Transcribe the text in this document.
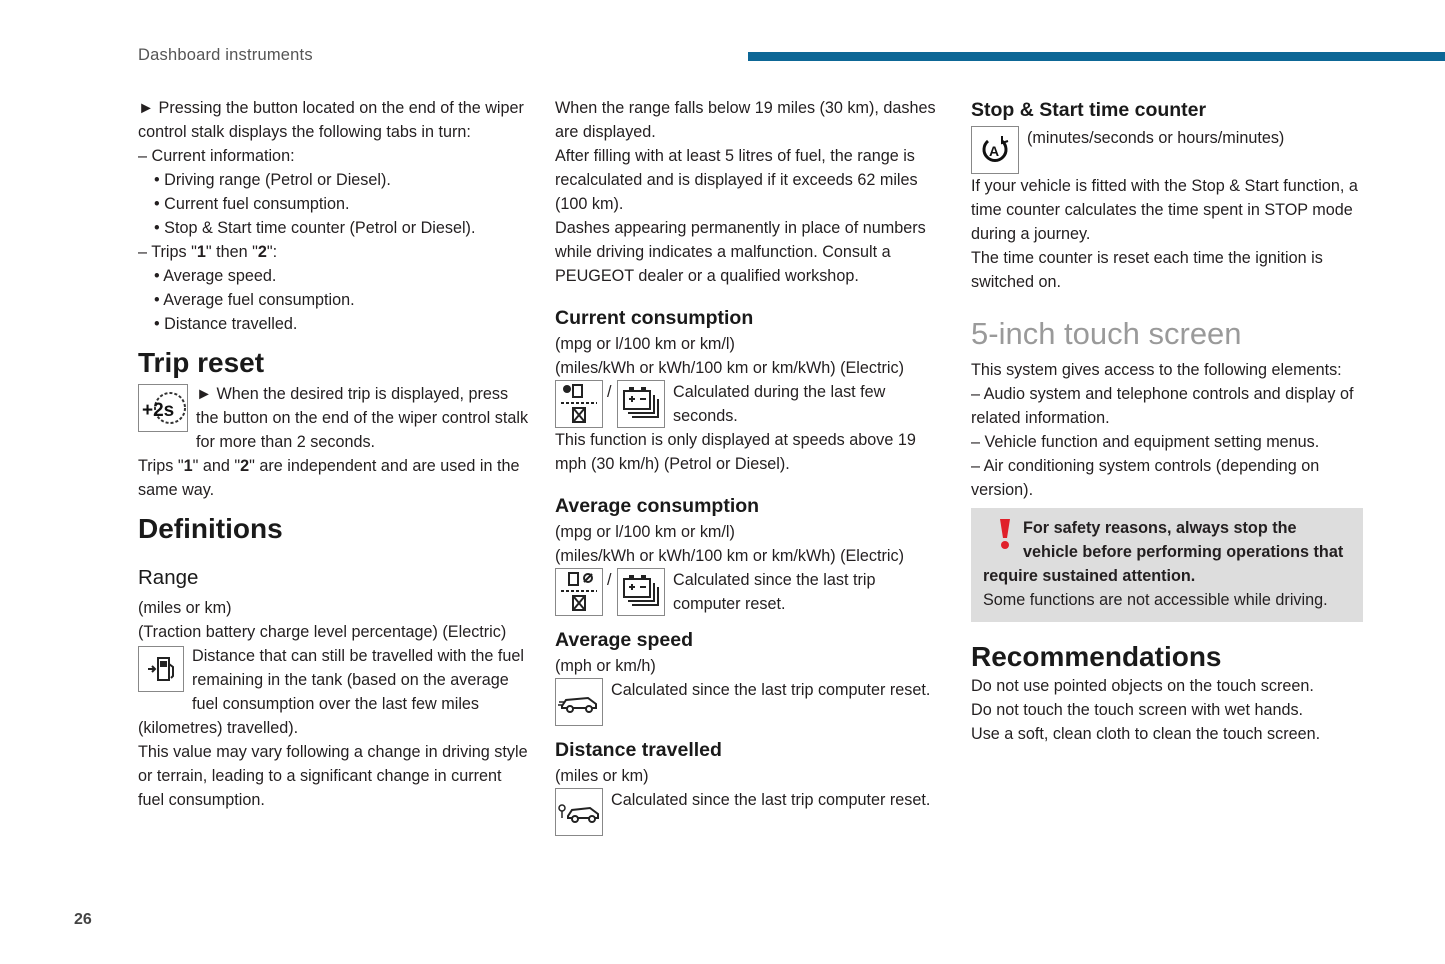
Dashboard instruments

► Pressing the button located on the end of the wiper control stalk displays the following tabs in turn:

– Current information:

• Driving range (Petrol or Diesel).

• Current fuel consumption.

• Stop & Start time counter (Petrol or Diesel).

– Trips "1" then "2":

• Average speed.

• Average fuel consumption.

• Distance travelled.

Trip reset
+2s

► When the desired trip is displayed, press the button on the end of the wiper control stalk for more than 2 seconds.

Trips "1" and "2" are independent and are used in the same way.

Definitions
Range

(miles or km)

(Traction battery charge level percentage) (Electric)

Distance that can still be travelled with the fuel remaining in the tank (based on the average fuel consumption over the last few miles (kilometres) travelled).

This value may vary following a change in driving style or terrain, leading to a significant change in current fuel consumption.

When the range falls below 19 miles (30 km), dashes are displayed.

After filling with at least 5 litres of fuel, the range is recalculated and is displayed if it exceeds 62 miles (100 km).

Dashes appearing permanently in place of numbers while driving indicates a malfunction. Consult a PEUGEOT dealer or a qualified workshop.

Current consumption

(mpg or l/100 km or km/l)

(miles/kWh or kWh/100 km or km/kWh) (Electric)

/	Calculated during the last few seconds.

This function is only displayed at speeds above 19 mph (30 km/h) (Petrol or Diesel).

Average consumption

(mpg or l/100 km or km/l)

(miles/kWh or kWh/100 km or km/kWh) (Electric)

/	Calculated since the last trip computer reset.

Average speed

(mph or km/h)

Calculated since the last trip computer reset.

Distance travelled

(miles or km)

Calculated since the last trip computer reset.

Stop & Start time counter
A

(minutes/seconds or hours/minutes)

If your vehicle is fitted with the Stop & Start function, a time counter calculates the time spent in STOP mode during a journey.

The time counter is reset each time the ignition is switched on.

5-inch touch screen

This system gives access to the following elements:

– Audio system and telephone controls and display of related information.

– Vehicle function and equipment setting menus.

– Air conditioning system controls (depending on version).

For safety reasons, always stop the vehicle before performing operations that require sustained attention.

Some functions are not accessible while driving.

Recommendations

Do not use pointed objects on the touch screen.

Do not touch the touch screen with wet hands.

Use a soft, clean cloth to clean the touch screen.

26
